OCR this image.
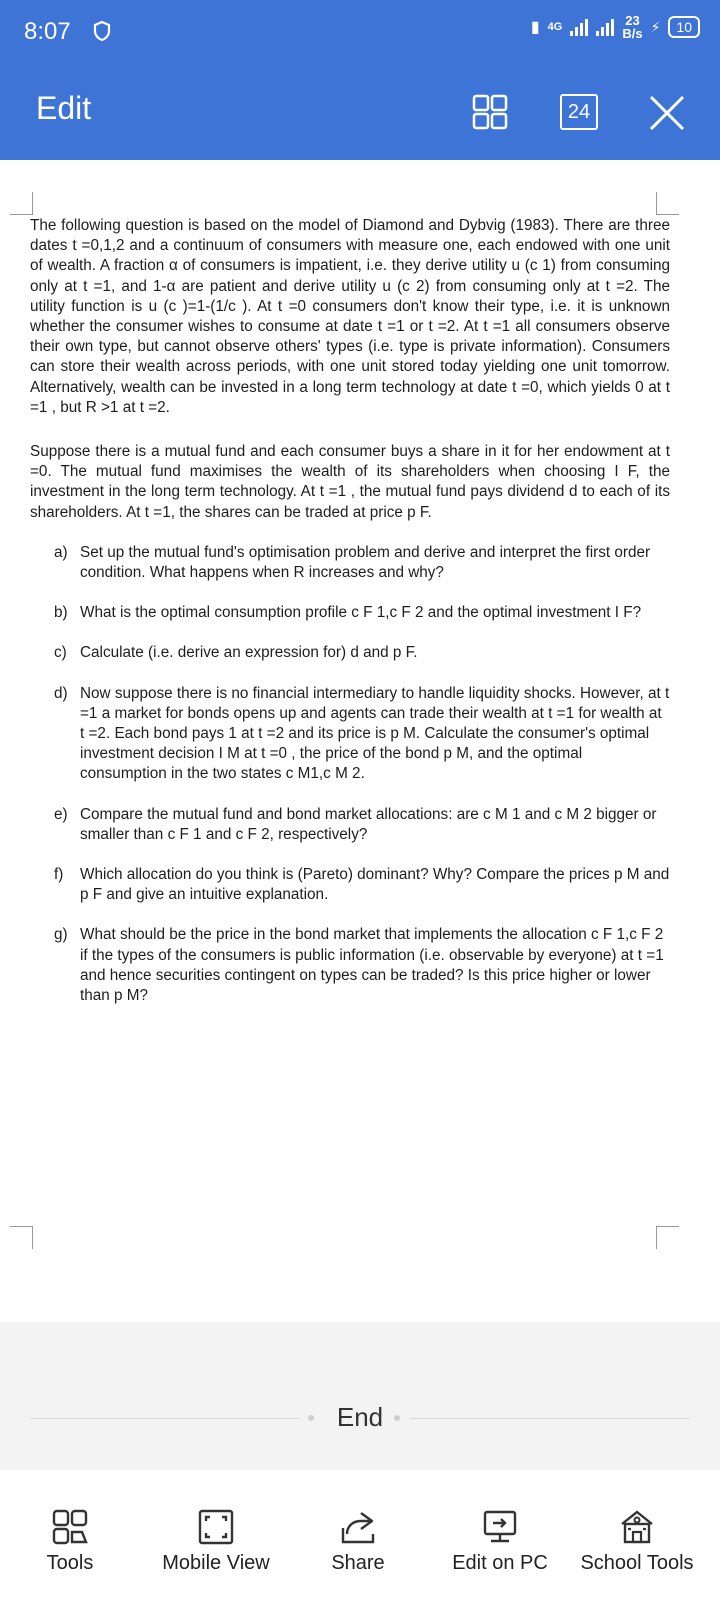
8:07	▮ 4G	23
B/s ⚡	10
Edit	24

The following question is based on the model of Diamond and Dybvig (1983). There are three dates t =0,1,2 and a continuum of consumers with measure one, each endowed with one unit of wealth. A fraction α of consumers is impatient, i.e. they derive utility u (c 1) from consuming only at t =1, and 1-α are patient and derive utility u (c 2) from consuming only at t =2. The utility function is u (c )=1-(1/c ). At t =0 consumers don't know their type, i.e. it is unknown whether the consumer wishes to consume at date t =1 or t =2. At t =1 all consumers observe their own type, but cannot observe others' types (i.e. type is private information). Consumers can store their wealth across periods, with one unit stored today yielding one unit tomorrow. Alternatively, wealth can be invested in a long term technology at date t =0, which yields 0 at t =1 , but R >1 at t =2.

Suppose there is a mutual fund and each consumer buys a share in it for her endowment at t =0. The mutual fund maximises the wealth of its shareholders when choosing I F, the investment in the long term technology. At t =1 , the mutual fund pays dividend d to each of its shareholders. At t =1, the shares can be traded at price p F.

a) Set up the mutual fund's optimisation problem and derive and interpret the first order condition. What happens when R increases and why?
b) What is the optimal consumption profile c F 1,c F 2 and the optimal investment I F?
c) Calculate (i.e. derive an expression for) d and p F.
d) Now suppose there is no financial intermediary to handle liquidity shocks. However, at t =1 a market for bonds opens up and agents can trade their wealth at t =1 for wealth at t =2. Each bond pays 1 at t =2 and its price is p M. Calculate the consumer's optimal investment decision I M at t =0 , the price of the bond p M, and the optimal consumption in the two states c M1,c M 2.
e) Compare the mutual fund and bond market allocations: are c M 1 and c M 2 bigger or smaller than c F 1 and c F 2, respectively?
f) Which allocation do you think is (Pareto) dominant? Why? Compare the prices p M and p F and give an intuitive explanation.
g) What should be the price in the bond market that implements the allocation c F 1,c F 2 if the types of the consumers is public information (i.e. observable by everyone) at t =1 and hence securities contingent on types can be traded? Is this price higher or lower than p M?
End
Tools	Mobile View	Share	Edit on PC	School Tools
